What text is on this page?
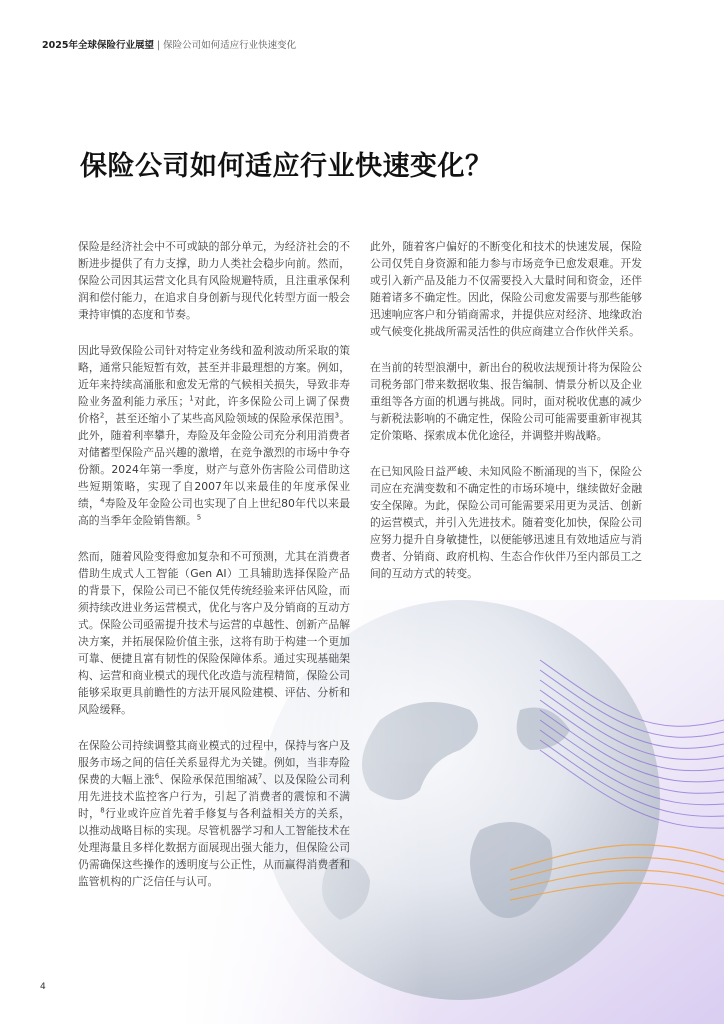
2025年全球保险行业展望 | 保险公司如何适应行业快速变化
保险公司如何适应行业快速变化？

保险是经济社会中不可或缺的部分单元，为经济社会的不断进步提供了有力支撑，助力人类社会稳步向前。然而，保险公司因其运营文化具有风险规避特质，且注重承保利润和偿付能力，在追求自身创新与现代化转型方面一般会秉持审慎的态度和节奏。

因此导致保险公司针对特定业务线和盈利波动所采取的策略，通常只能短暂有效，甚至并非最理想的方案。例如，近年来持续高涌胀和愈发无常的气候相关损失，导致非寿险业务盈利能力承压；$^1$对此，许多保险公司上调了保费价格$^2$，甚至还缩小了某些高风险领域的保险承保范围$^3$。此外，随着利率攀升，寿险及年金险公司充分利用消费者对储蓄型保险产品兴趣的激增，在竞争激烈的市场中争夺份额。2024年第一季度，财产与意外伤害险公司借助这些短期策略，实现了自2007年以来最佳的年度承保业绩，$^4$寿险及年金险公司也实现了自上世纪80年代以来最高的当季年金险销售额。$^5$

然而，随着风险变得愈加复杂和不可预测，尤其在消费者借助生成式人工智能（Gen AI）工具辅助选择保险产品的背景下，保险公司已不能仅凭传统经验来评估风险，而须持续改进业务运营模式，优化与客户及分销商的互动方式。保险公司亟需提升技术与运营的卓越性、创新产品解决方案，并拓展保险价值主张，这将有助于构建一个更加可靠、便捷且富有韧性的保险保障体系。通过实现基础架构、运营和商业模式的现代化改造与流程精简，保险公司能够采取更具前瞻性的方法开展风险建模、评估、分析和风险缓释。

在保险公司持续调整其商业模式的过程中，保持与客户及服务市场之间的信任关系显得尤为关键。例如，当非寿险保费的大幅上涨$^6$、保险承保范围缩减$^7$、以及保险公司利用先进技术监控客户行为，引起了消费者的震惊和不满时，$^8$行业或许应首先着手修复与各利益相关方的关系，以推动战略目标的实现。尽管机器学习和人工智能技术在处理海量且多样化数据方面展现出强大能力，但保险公司仍需确保这些操作的透明度与公正性，从而赢得消费者和监管机构的广泛信任与认可。

此外，随着客户偏好的不断变化和技术的快速发展，保险公司仅凭自身资源和能力参与市场竞争已愈发艰难。开发或引入新产品及能力不仅需要投入大量时间和资金，还伴随着诸多不确定性。因此，保险公司愈发需要与那些能够迅速响应客户和分销商需求，并提供应对经济、地缘政治或气候变化挑战所需灵活性的供应商建立合作伙伴关系。

在当前的转型浪潮中，新出台的税收法规预计将为保险公司税务部门带来数据收集、报告编制、情景分析以及企业重组等各方面的机遇与挑战。同时，面对税收优惠的减少与新税法影响的不确定性，保险公司可能需要重新审视其定价策略、探索成本优化途径，并调整并购战略。

在已知风险日益严峻、未知风险不断涌现的当下，保险公司应在充满变数和不确定性的市场环境中，继续做好金融安全保障。为此，保险公司可能需要采用更为灵活、创新的运营模式，并引入先进技术。随着变化加快，保险公司应努力提升自身敏捷性，以便能够迅速且有效地适应与消费者、分销商、政府机构、生态合作伙伴乃至内部员工之间的互动方式的转变。

4
